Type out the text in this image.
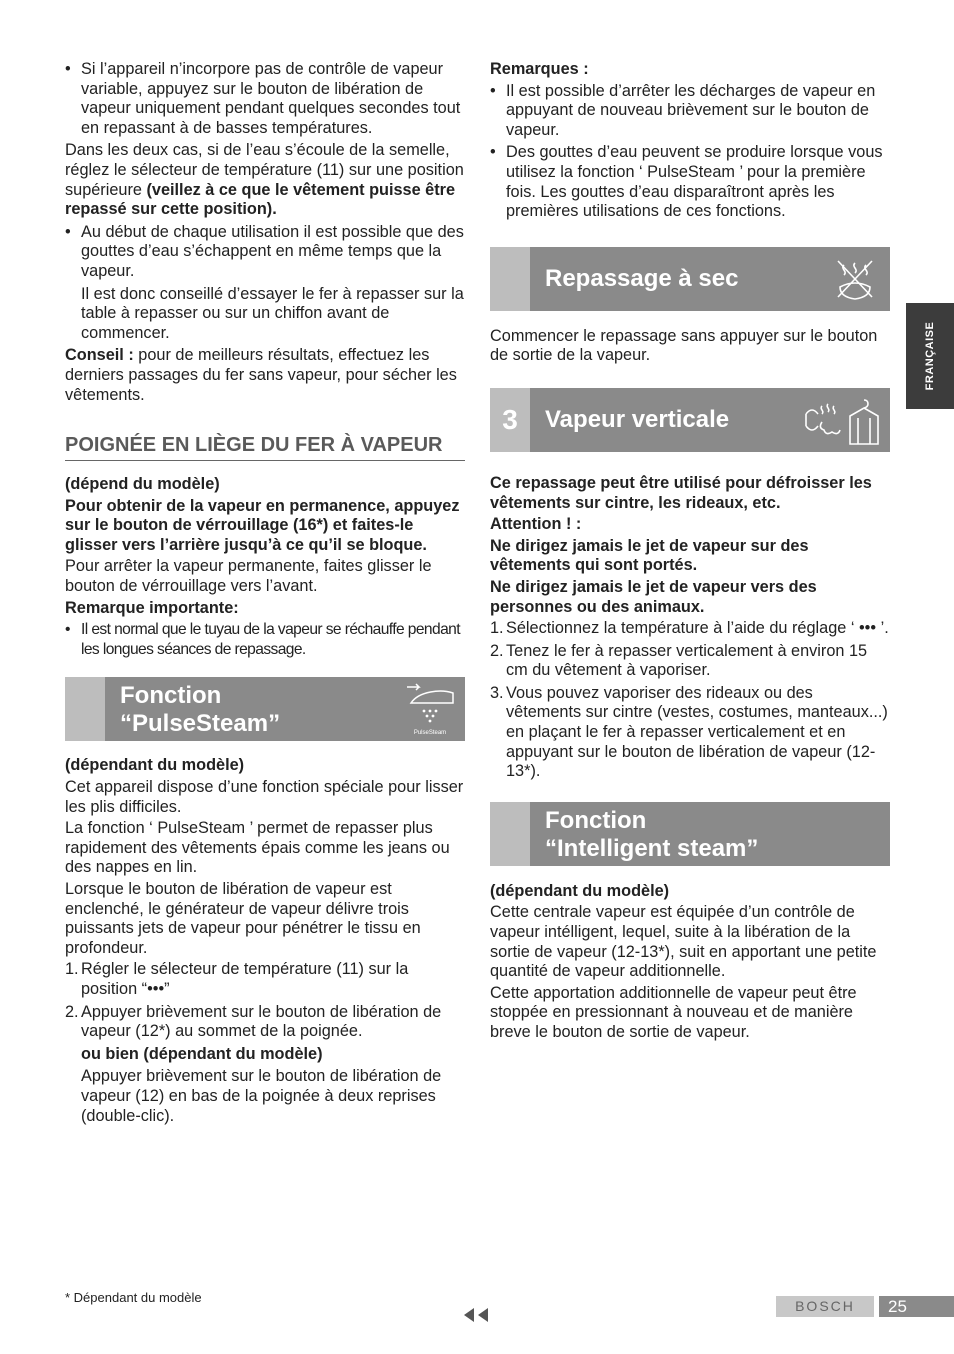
• Si l’appareil n’incorpore pas de contrôle de vapeur variable, appuyez sur le bouton de libération de vapeur uniquement pendant quelques secondes tout en repassant à de basses températures.

Dans les deux cas, si de l’eau s’écoule de la semelle, réglez le sélecteur de température (11) sur une position supérieure (veillez à ce que le vêtement puisse être repassé sur cette position).

• Au début de chaque utilisation il est possible que des gouttes d’eau s’échappent en même temps que la vapeur.
Il est donc conseillé d’essayer le fer à repasser sur la table à repasser ou sur un chiffon avant de commencer.

Conseil : pour de meilleurs résultats, effectuez les derniers passages du fer sans vapeur, pour sécher les vêtements.

POIGNÉE EN LIÈGE DU FER À VAPEUR

(dépend du modèle)

Pour obtenir de la vapeur en permanence, appuyez sur le bouton de vérrouillage (16*) et faites-le glisser vers l’arrière jusqu’à ce qu’il se bloque.

Pour arrêter la vapeur permanente, faites glisser le bouton de vérrouillage vers l’avant.

Remarque importante:

• Il est normal que le tuyau de la vapeur se réchauffe pendant les longues séances de repassage.
Fonction
“PulseSteam”	PulseSteam

(dépendant du modèle)

Cet appareil dispose d’une fonction spéciale pour lisser les plis difficiles.

La fonction ‘ PulseSteam ’ permet de repasser plus rapidement des vêtements épais comme les jeans ou des nappes en lin.

Lorsque le bouton de libération de vapeur est enclenché, le générateur de vapeur délivre trois puissants jets de vapeur pour pénétrer le tissu en profondeur.

1. Régler le sélecteur de température (11) sur la position “•••”
2. Appuyer brièvement sur le bouton de libération de vapeur (12*) au sommet de la poignée.
ou bien (dépendant du modèle)
Appuyer brièvement sur le bouton de libération de vapeur (12) en bas de la poignée à deux reprises (double-clic).

Remarques :

• Il est possible d’arrêter les décharges de vapeur en appuyant de nouveau brièvement sur le bouton de vapeur.
• Des gouttes d’eau peuvent se produire lorsque vous utilisez la fonction ‘ PulseSteam ’ pour la première fois. Les gouttes d’eau disparaîtront après les premières utilisations de ces fonctions.
Repassage à sec

Commencer le repassage sans appuyer sur le bouton de sortie de la vapeur.

3	Vapeur verticale

Ce repassage peut être utilisé pour défroisser les vêtements sur cintre, les rideaux, etc.

Attention ! :

Ne dirigez jamais le jet de vapeur sur des vêtements qui sont portés.

Ne dirigez jamais le jet de vapeur vers des personnes ou des animaux.

1. Sélectionnez la température à l’aide du réglage ‘ ••• ’.
2. Tenez le fer à repasser verticalement à environ 15 cm du vêtement à vaporiser.
3. Vous pouvez vaporiser des rideaux ou des vêtements sur cintre (vestes, costumes, manteaux...) en plaçant le fer à repasser verticalement et en appuyant sur le bouton de libération de vapeur (12-13*).
Fonction
“Intelligent steam”

(dépendant du modèle)

Cette centrale vapeur est équipée d’un contrôle de vapeur intélligent, lequel, suite à la libération de la sortie de vapeur (12-13*), suit en apportant une petite quantité de vapeur additionnelle.

Cette apportation additionnelle de vapeur peut être stoppée en pressionnant à nouveau et de manière breve le bouton de sortie de vapeur.

FRANÇAISE
* Dépendant du modèle
BOSCH	25
